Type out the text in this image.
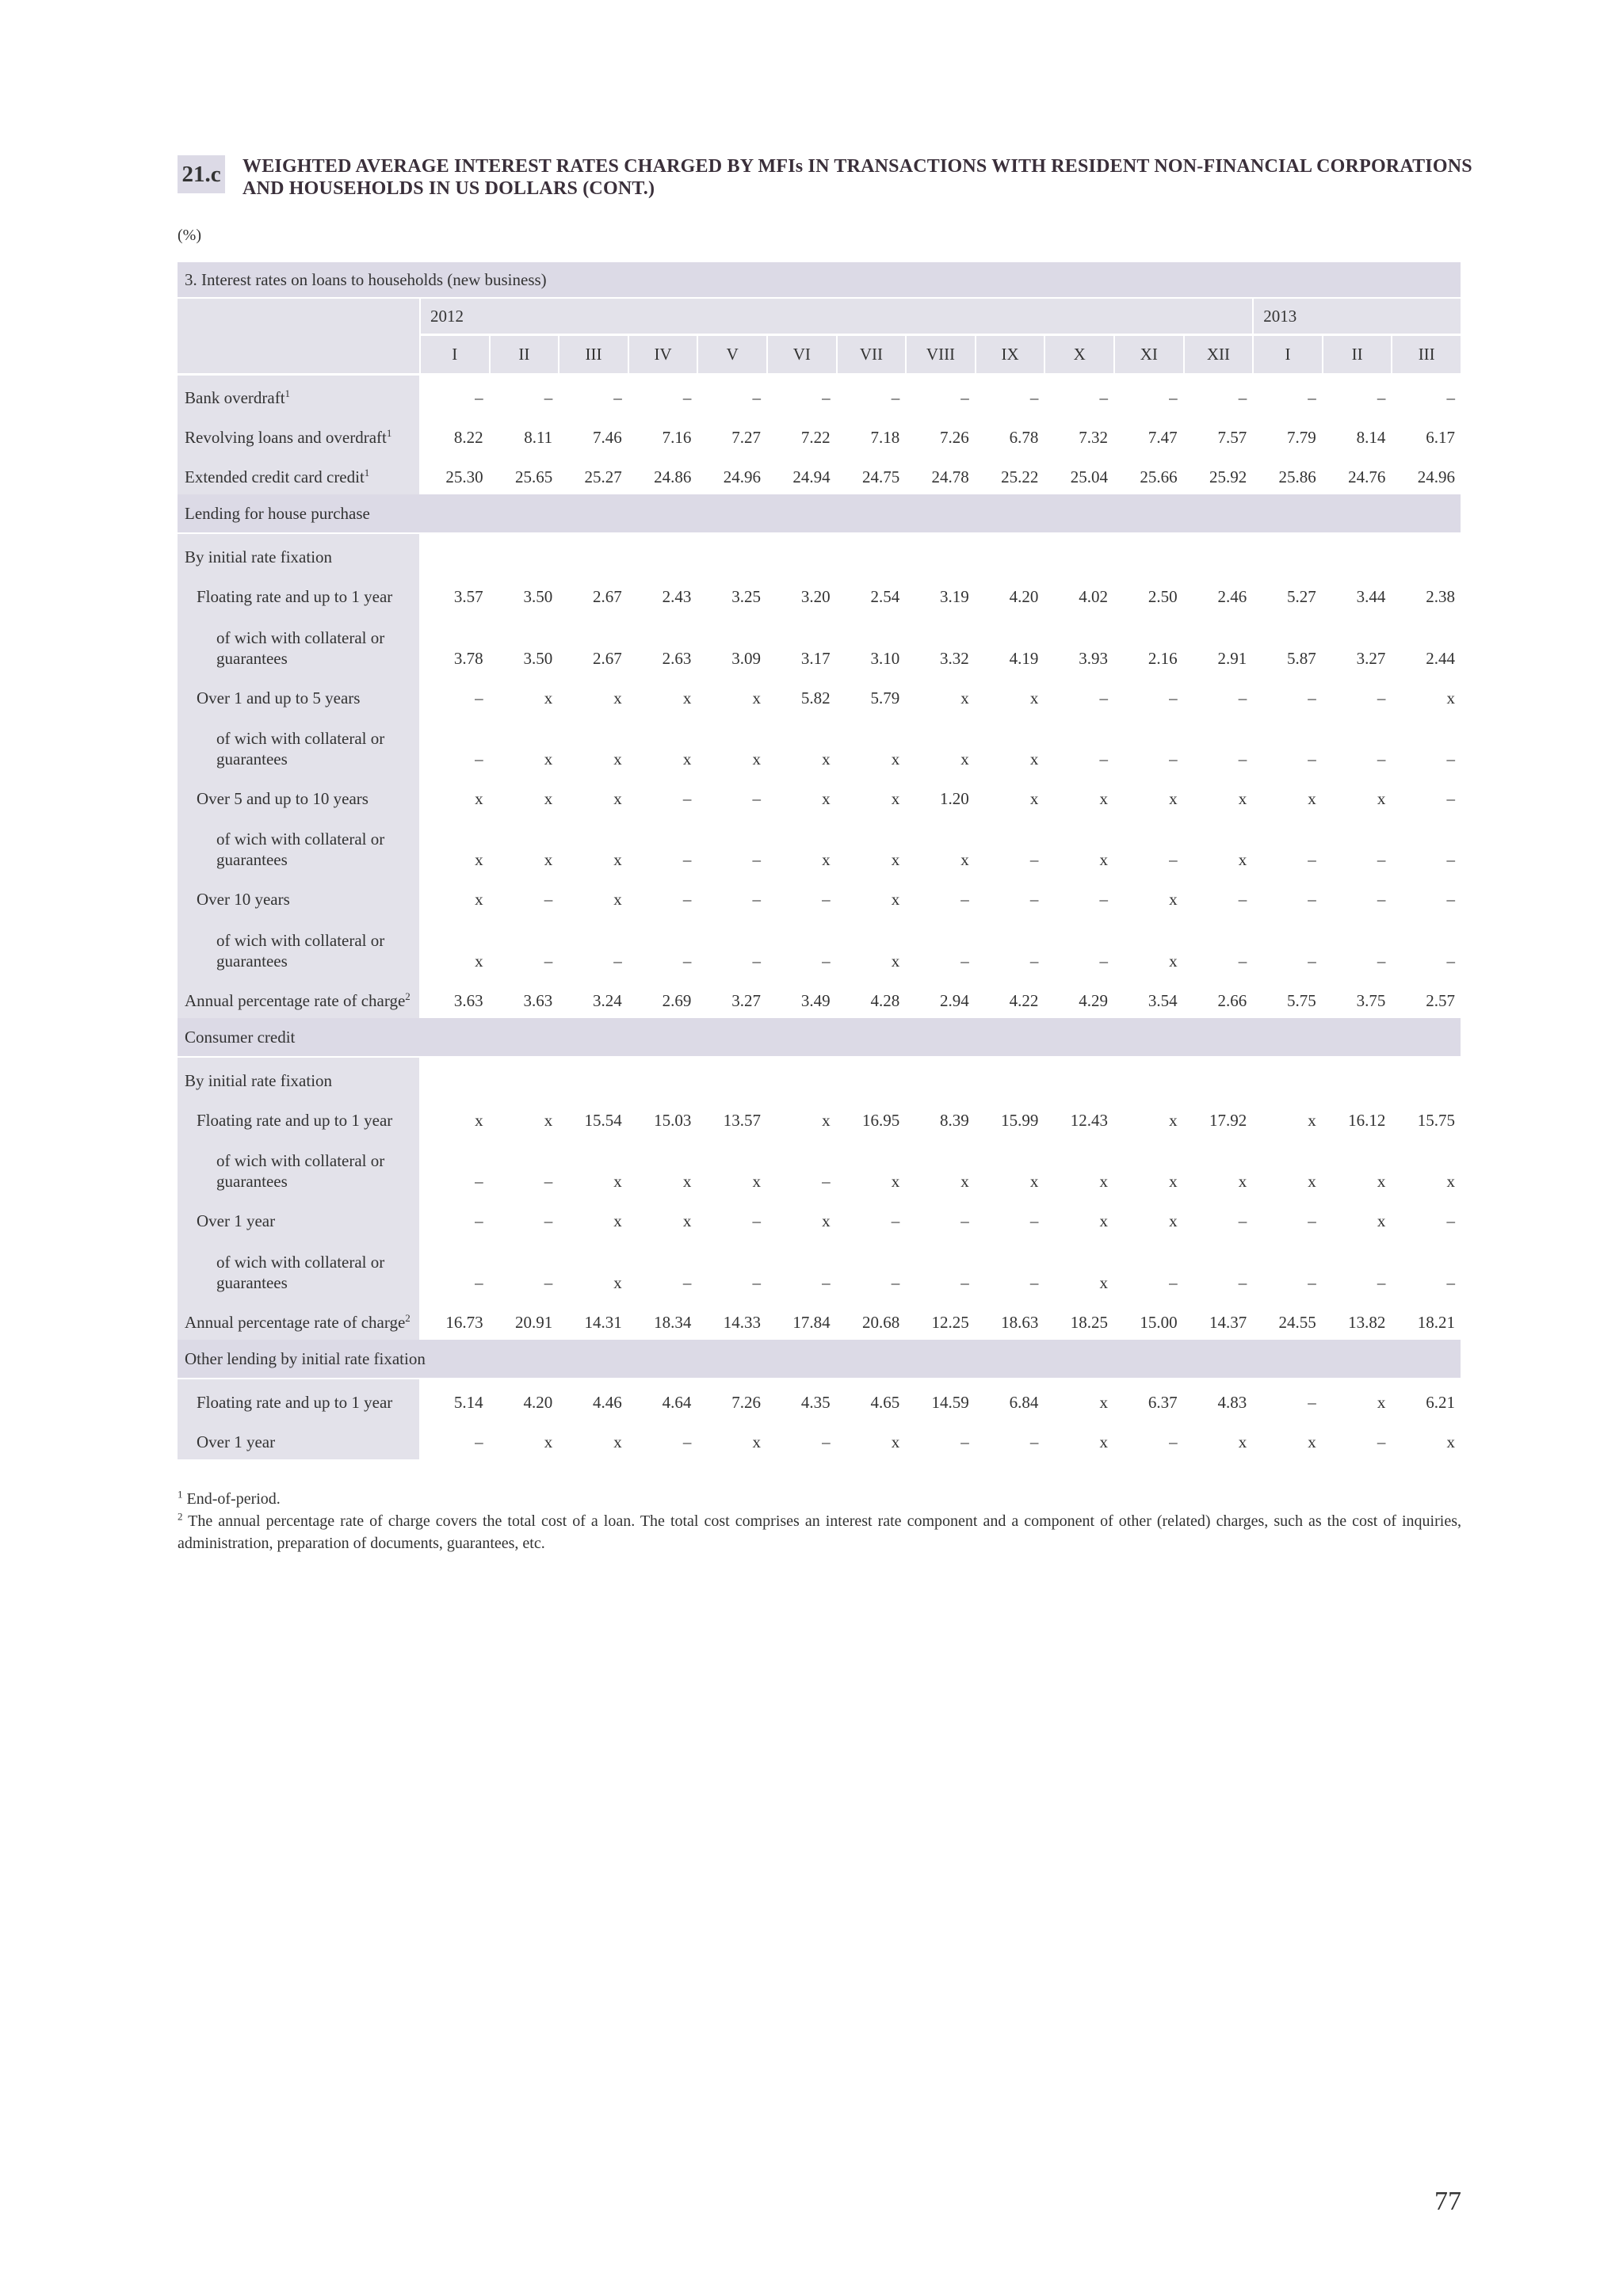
21.c WEIGHTED AVERAGE INTEREST RATES CHARGED BY MFIs IN TRANSACTIONS WITH RESIDENT NON-FINANCIAL CORPORATIONS AND HOUSEHOLDS IN US DOLLARS (CONT.)
(%)
3. Interest rates on loans to households (new business)
2012	2013
I	II	III	IV	V	VI	VII	VIII	IX	X	XI	XII	I	II	III
Bank overdraft$^1$	–	–	–	–	–	–	–	–	–	–	–	–	–	–	–
Revolving loans and overdraft$^1$	8.22	8.11	7.46	7.16	7.27	7.22	7.18	7.26	6.78	7.32	7.47	7.57	7.79	8.14	6.17
Extended credit card credit$^1$	25.30	25.65	25.27	24.86	24.96	24.94	24.75	24.78	25.22	25.04	25.66	25.92	25.86	24.76	24.96
Lending for house purchase
By initial rate fixation
Floating rate and up to 1 year	3.57	3.50	2.67	2.43	3.25	3.20	2.54	3.19	4.20	4.02	2.50	2.46	5.27	3.44	2.38
of wich with collateral or guarantees	3.78	3.50	2.67	2.63	3.09	3.17	3.10	3.32	4.19	3.93	2.16	2.91	5.87	3.27	2.44
Over 1 and up to 5 years	–	x	x	x	x	5.82	5.79	x	x	–	–	–	–	–	x
of wich with collateral or guarantees	–	x	x	x	x	x	x	x	x	–	–	–	–	–	–
Over 5 and up to 10 years	x	x	x	–	–	x	x	1.20	x	x	x	x	x	x	–
of wich with collateral or guarantees	x	x	x	–	–	x	x	x	–	x	–	x	–	–	–
Over 10 years	x	–	x	–	–	–	x	–	–	–	x	–	–	–	–
of wich with collateral or guarantees	x	–	–	–	–	–	x	–	–	–	x	–	–	–	–
Annual percentage rate of charge$^2$	3.63	3.63	3.24	2.69	3.27	3.49	4.28	2.94	4.22	4.29	3.54	2.66	5.75	3.75	2.57
Consumer credit
By initial rate fixation
Floating rate and up to 1 year	x	x	15.54	15.03	13.57	x	16.95	8.39	15.99	12.43	x	17.92	x	16.12	15.75
of wich with collateral or guarantees	–	–	x	x	x	–	x	x	x	x	x	x	x	x	x
Over 1 year	–	–	x	x	–	x	–	–	–	x	x	–	–	x	–
of wich with collateral or guarantees	–	–	x	–	–	–	–	–	–	x	–	–	–	–	–
Annual percentage rate of charge$^2$	16.73	20.91	14.31	18.34	14.33	17.84	20.68	12.25	18.63	18.25	15.00	14.37	24.55	13.82	18.21
Other lending by initial rate fixation
Floating rate and up to 1 year	5.14	4.20	4.46	4.64	7.26	4.35	4.65	14.59	6.84	x	6.37	4.83	–	x	6.21
Over 1 year	–	x	x	–	x	–	x	–	–	x	–	x	x	–	x
$^1$ End-of-period.
$^2$ The annual percentage rate of charge covers the total cost of a loan. The total cost comprises an interest rate component and a component of other (related) charges, such as the cost of inquiries, administration, preparation of documents, guarantees, etc.
77
